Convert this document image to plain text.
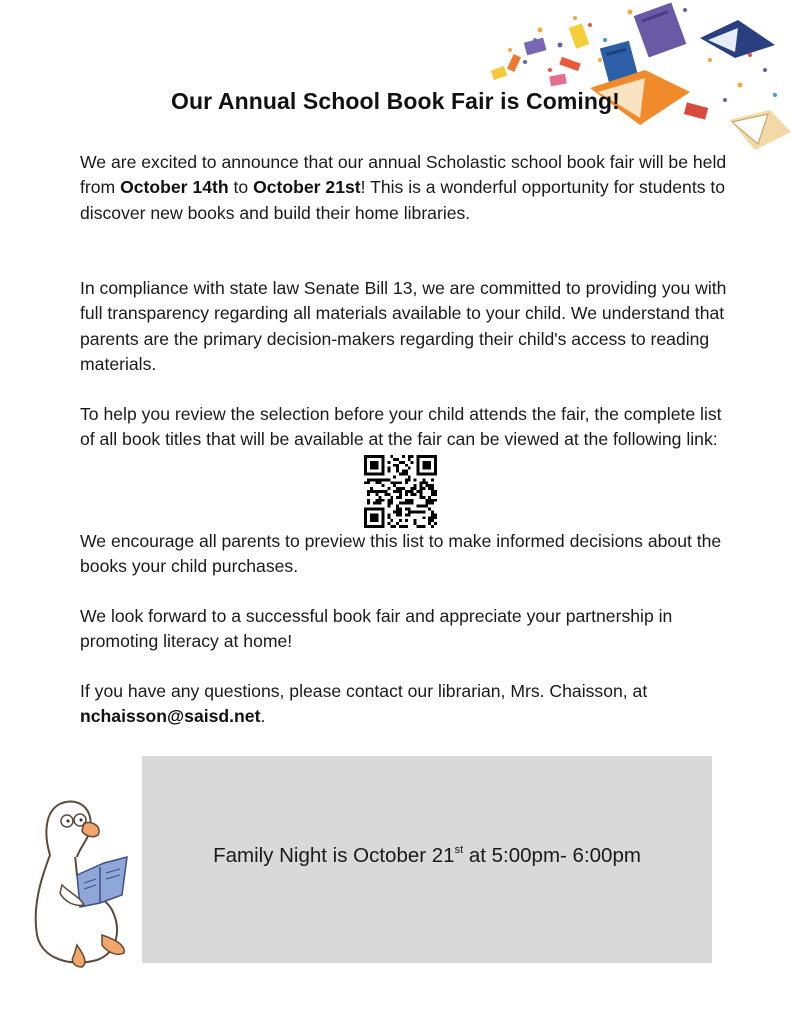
Our Annual School Book Fair is Coming!
We are excited to announce that our annual Scholastic school book fair will be held from October 14th to October 21st! This is a wonderful opportunity for students to discover new books and build their home libraries.
In compliance with state law Senate Bill 13, we are committed to providing you with full transparency regarding all materials available to your child. We understand that parents are the primary decision-makers regarding their child's access to reading materials.
To help you review the selection before your child attends the fair, the complete list of all book titles that will be available at the fair can be viewed at the following link:
We encourage all parents to preview this list to make informed decisions about the books your child purchases.
We look forward to a successful book fair and appreciate your partnership in promoting literacy at home!
If you have any questions, please contact our librarian, Mrs. Chaisson, at nchaisson@saisd.net.
Family Night is October 21st at 5:00pm- 6:00pm
